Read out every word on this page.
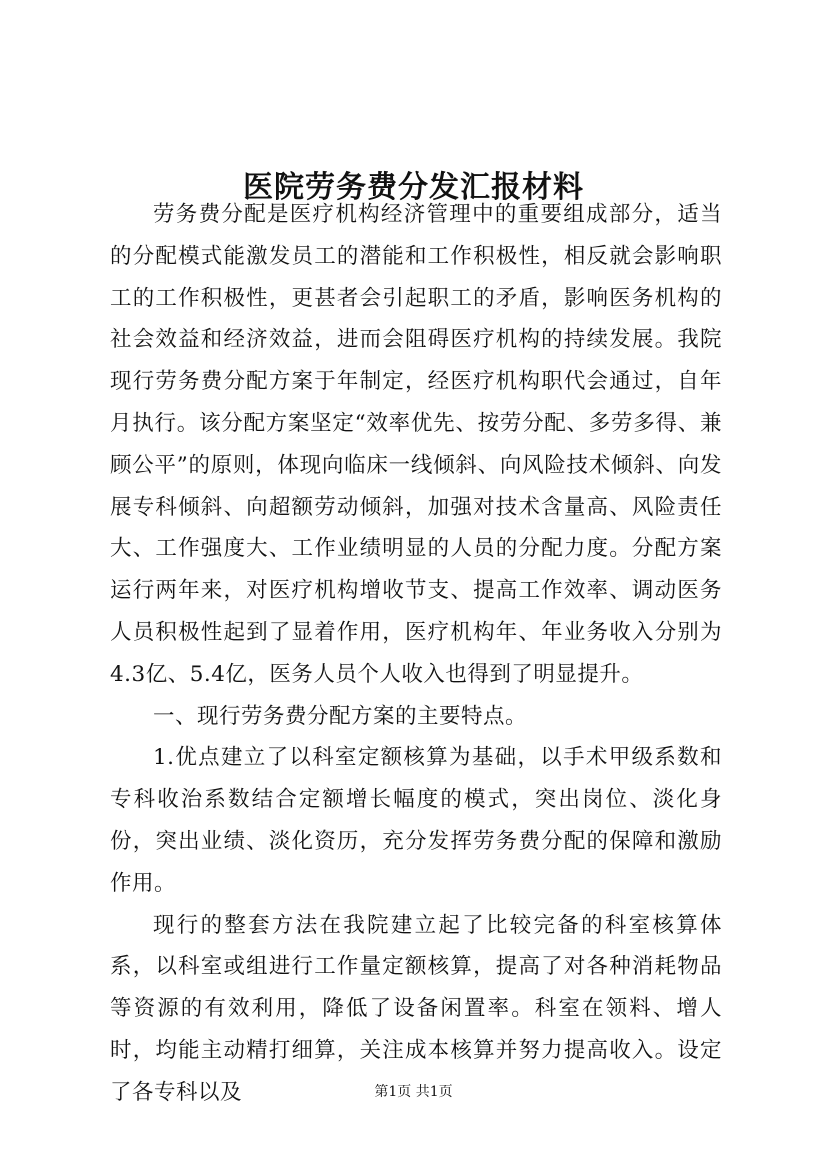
医院劳务费分发汇报材料

劳务费分配是医疗机构经济管理中的重要组成部分，适当的分配模式能激发员工的潜能和工作积极性，相反就会影响职工的工作积极性，更甚者会引起职工的矛盾，影响医务机构的社会效益和经济效益，进而会阻碍医疗机构的持续发展。我院现行劳务费分配方案于年制定，经医疗机构职代会通过，自年月执行。该分配方案坚定“效率优先、按劳分配、多劳多得、兼顾公平”的原则，体现向临床一线倾斜、向风险技术倾斜、向发展专科倾斜、向超额劳动倾斜，加强对技术含量高、风险责任大、工作强度大、工作业绩明显的人员的分配力度。分配方案运行两年来，对医疗机构增收节支、提高工作效率、调动医务人员积极性起到了显着作用，医疗机构年、年业务收入分别为4.3亿、5.4亿，医务人员个人收入也得到了明显提升。

一、现行劳务费分配方案的主要特点。

1.优点建立了以科室定额核算为基础，以手术甲级系数和专科收治系数结合定额增长幅度的模式，突出岗位、淡化身份，突出业绩、淡化资历，充分发挥劳务费分配的保障和激励作用。

现行的整套方法在我院建立起了比较完备的科室核算体系，以科室或组进行工作量定额核算，提高了对各种消耗物品等资源的有效利用，降低了设备闲置率。科室在领料、增人时，均能主动精打细算，关注成本核算并努力提高收入。设定了各专科以及	第1页 共1页
